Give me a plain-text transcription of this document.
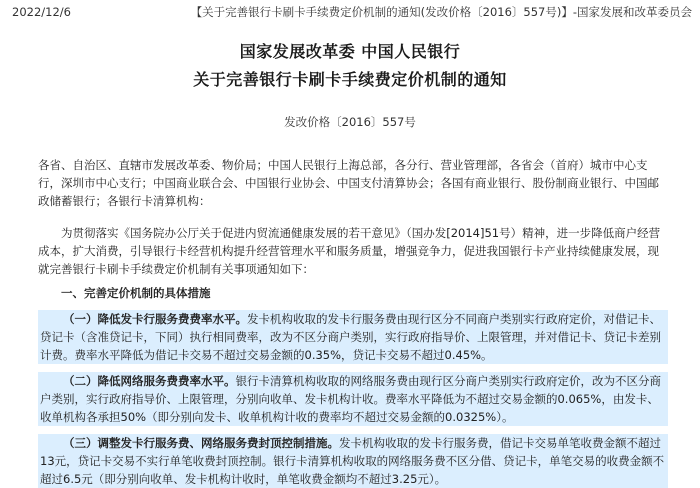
2022/12/6	【关于完善银行卡刷卡手续费定价机制的通知(发改价格〔2016〕557号)】-国家发展和改革委员会
国家发展改革委 中国人民银行
关于完善银行卡刷卡手续费定价机制的通知
发改价格〔2016〕557号

各省、自治区、直辖市发展改革委、物价局；中国人民银行上海总部，各分行、营业管理部，各省会（首府）城市中心支行，深圳市中心支行；中国商业联合会、中国银行业协会、中国支付清算协会；各国有商业银行、股份制商业银行、中国邮政储蓄银行；各银行卡清算机构：

为贯彻落实《国务院办公厅关于促进内贸流通健康发展的若干意见》（国办发[2014]51号）精神，进一步降低商户经营成本，扩大消费，引导银行卡经营机构提升经营管理水平和服务质量，增强竞争力，促进我国银行卡产业持续健康发展，现就完善银行卡刷卡手续费定价机制有关事项通知如下：

一、完善定价机制的具体措施

（一）降低发卡行服务费费率水平。发卡机构收取的发卡行服务费由现行区分不同商户类别实行政府定价，对借记卡、贷记卡（含准贷记卡，下同）执行相同费率，改为不区分商户类别，实行政府指导价、上限管理，并对借记卡、贷记卡差别计费。费率水平降低为借记卡交易不超过交易金额的0.35%，贷记卡交易不超过0.45%。

（二）降低网络服务费费率水平。银行卡清算机构收取的网络服务费由现行区分商户类别实行政府定价，改为不区分商户类别，实行政府指导价、上限管理，分别向收单、发卡机构计收。费率水平降低为不超过交易金额的0.065%，由发卡、收单机构各承担50%（即分别向发卡、收单机构计收的费率均不超过交易金额的0.0325%）。

（三）调整发卡行服务费、网络服务费封顶控制措施。发卡机构收取的发卡行服务费，借记卡交易单笔收费金额不超过13元，贷记卡交易不实行单笔收费封顶控制。银行卡清算机构收取的网络服务费不区分借、贷记卡，单笔交易的收费金额不超过6.5元（即分别向收单、发卡机构计收时，单笔收费金额均不超过3.25元）。
